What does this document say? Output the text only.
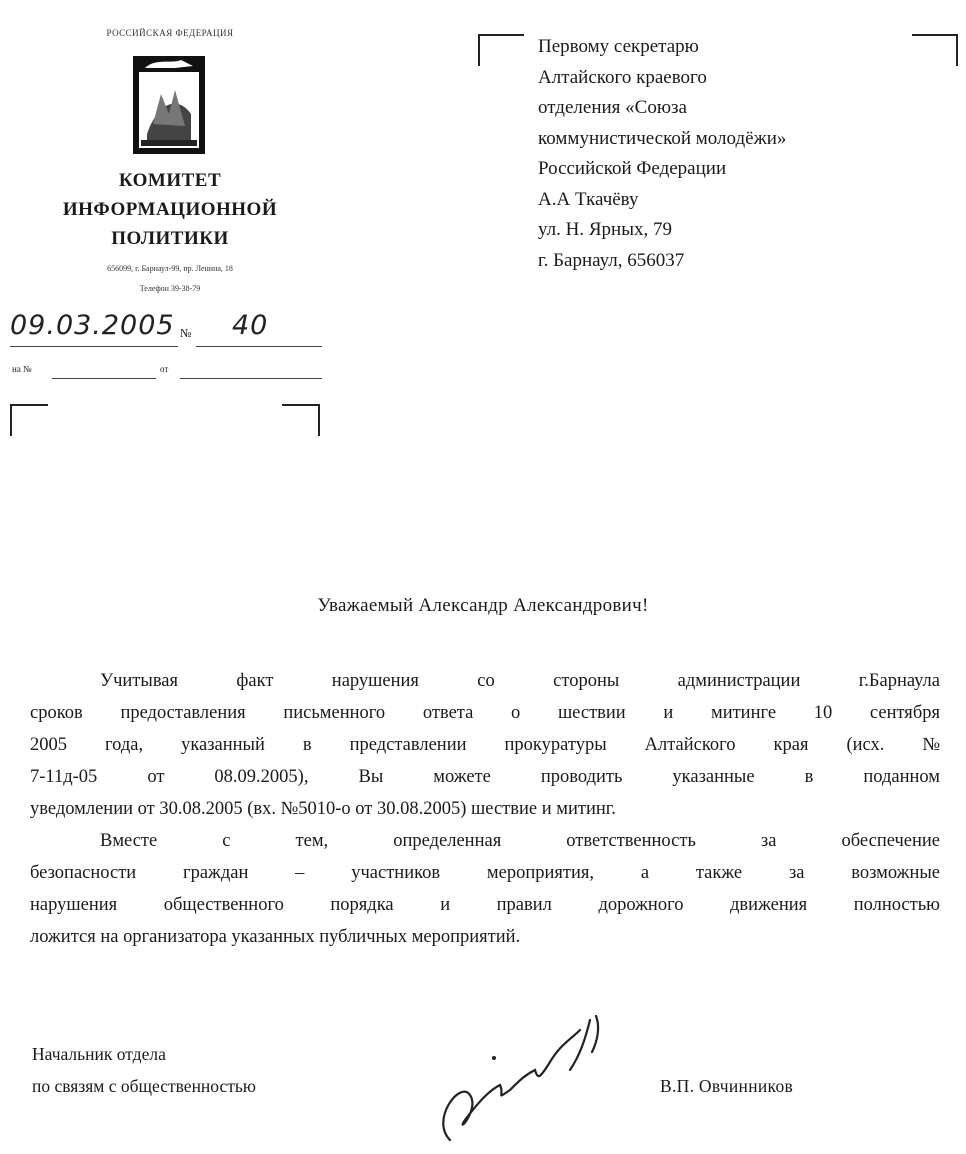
РОССИЙСКАЯ ФЕДЕРАЦИЯ
КОМИТЕТ
ИНФОРМАЦИОННОЙ
ПОЛИТИКИ
656099, г. Барнаул-99, пр. Ленина, 18
Телефон 39-38-79
09.03.2005 № 40
на №	от
Первому секретарю
Алтайского краевого
отделения «Союза
коммунистической молодёжи»
Российской Федерации
А.А Ткачёву
ул. Н. Ярных, 79
г. Барнаул, 656037
Уважаемый Александр Александрович!
Учитывая факт нарушения со стороны администрации г.Барнаула
сроков предоставления письменного ответа о шествии и митинге 10 сентября
2005 года, указанный в представлении прокуратуры Алтайского края (исх. №
7-11д-05 от 08.09.2005), Вы можете проводить указанные в поданном
уведомлении от 30.08.2005 (вх. №5010-о от 30.08.2005) шествие и митинг.
Вместе с тем, определенная ответственность за обеспечение
безопасности граждан – участников мероприятия, а также за возможные
нарушения общественного порядка и правил дорожного движения полностью
ложится на организатора указанных публичных мероприятий.
Начальник отдела
по связям с общественностью	В.П. Овчинников
